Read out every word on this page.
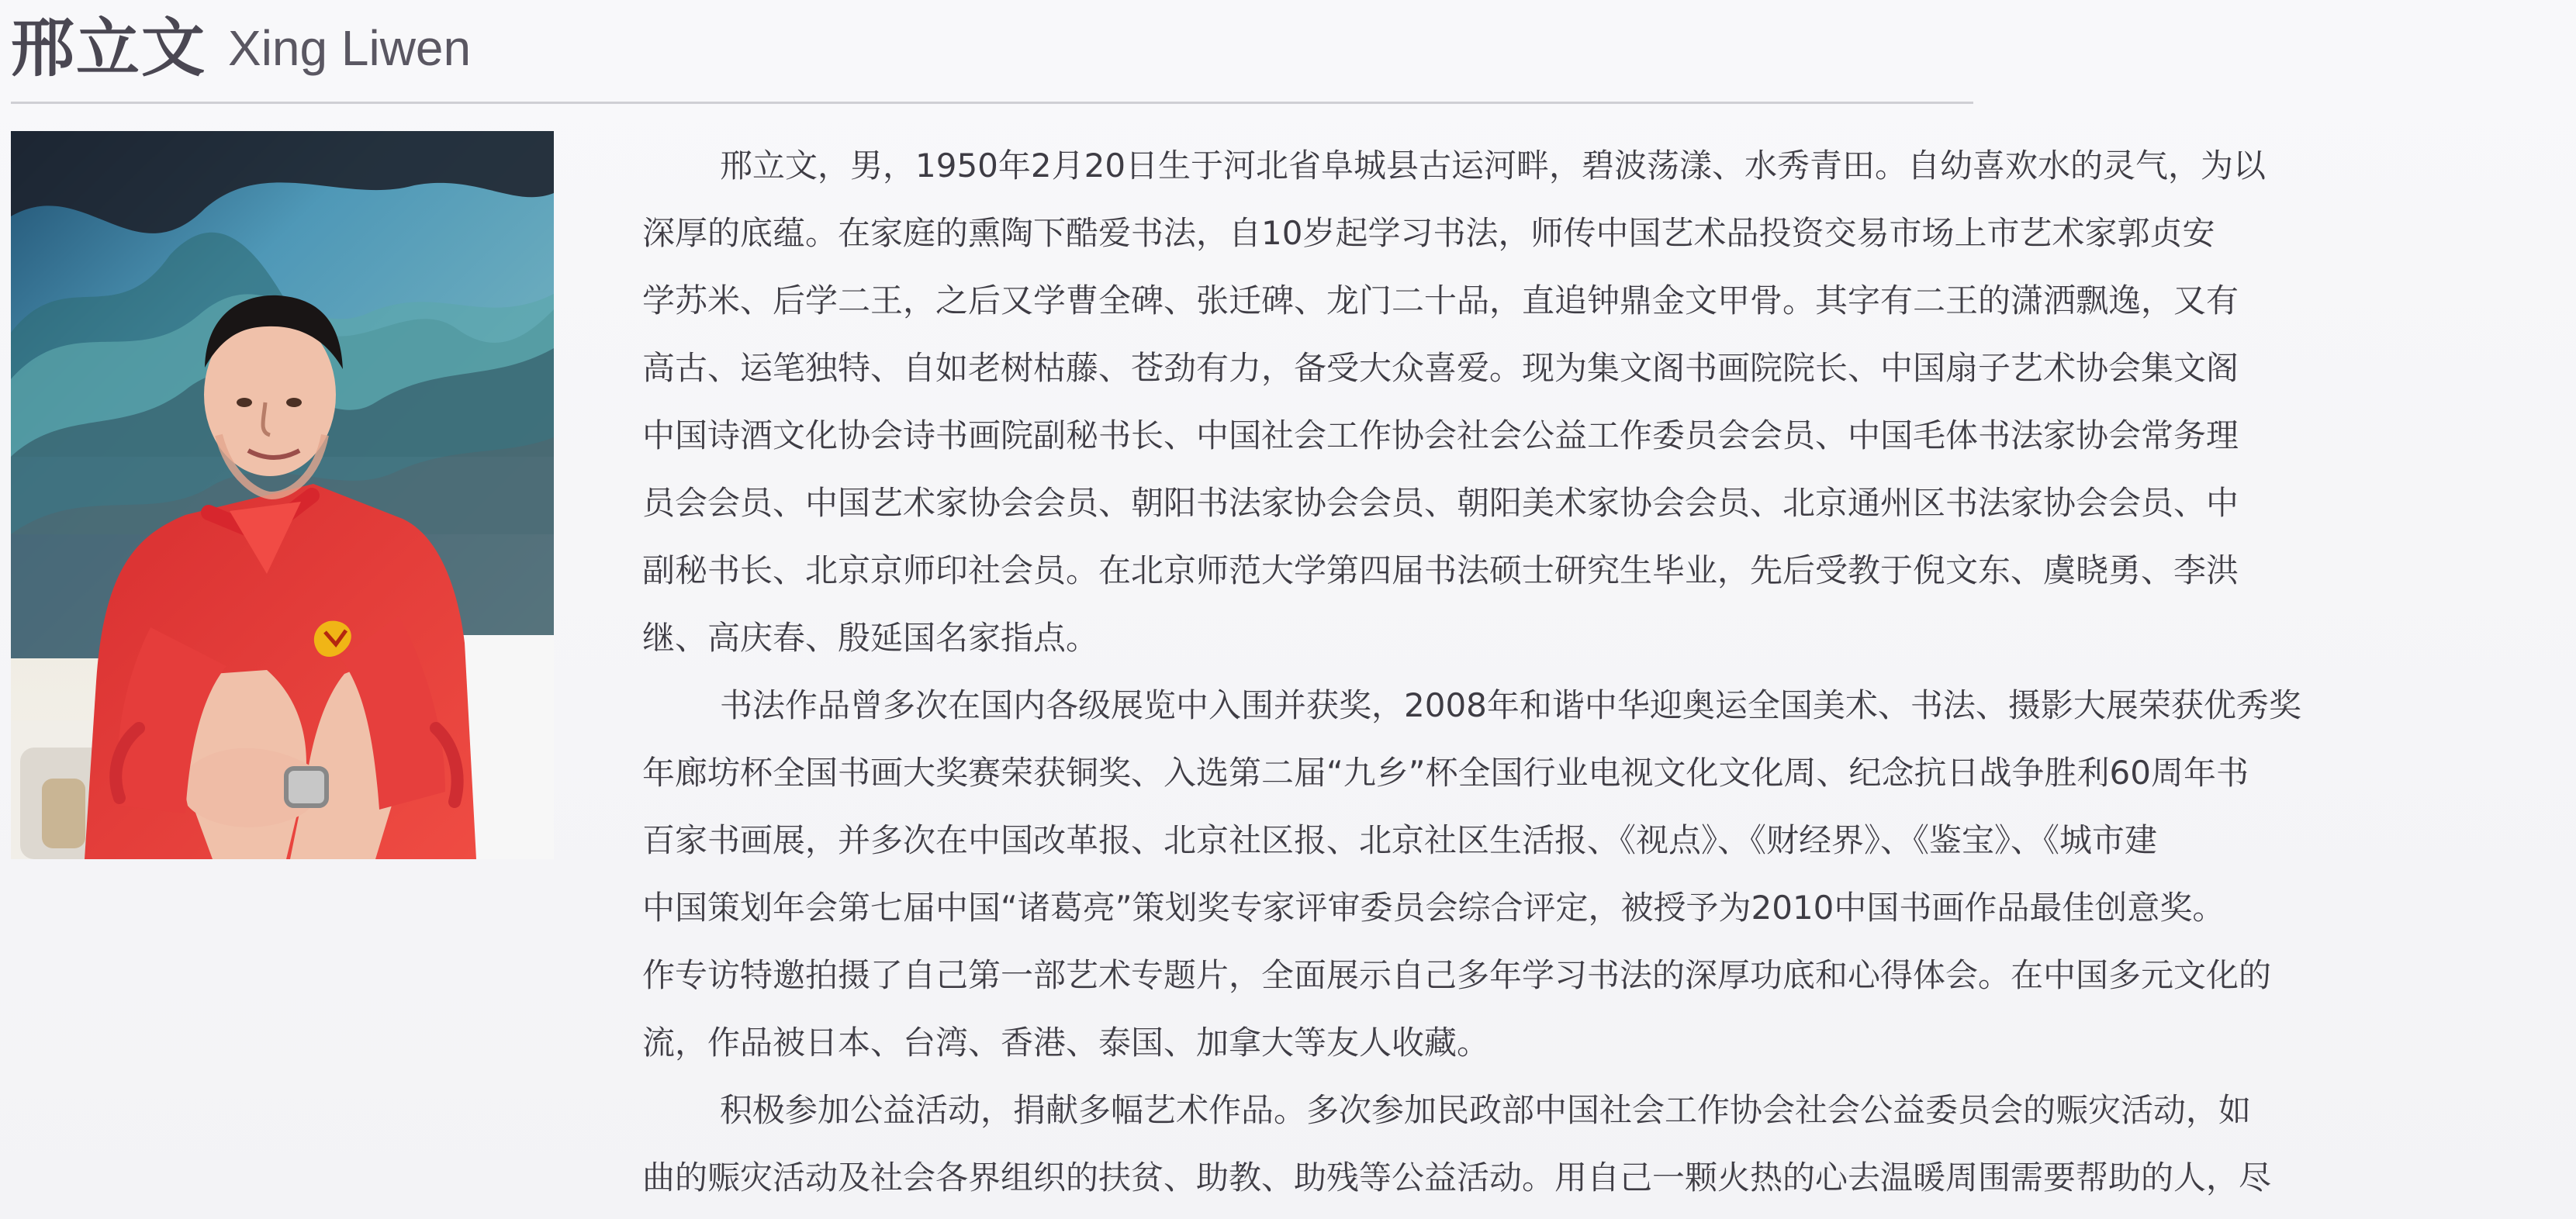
邢立文 Xing Liwen

邢立文，男，1950年2月20日生于河北省阜城县古运河畔，碧波荡漾、水秀青田。自幼喜欢水的灵气，为以
深厚的底蕴。在家庭的熏陶下酷爱书法，自10岁起学习书法，师传中国艺术品投资交易市场上市艺术家郭贞安
学苏米、后学二王，之后又学曹全碑、张迁碑、龙门二十品，直追钟鼎金文甲骨。其字有二王的潇洒飘逸，又有
高古、运笔独特、自如老树枯藤、苍劲有力，备受大众喜爱。现为集文阁书画院院长、中国扇子艺术协会集文阁
中国诗酒文化协会诗书画院副秘书长、中国社会工作协会社会公益工作委员会会员、中国毛体书法家协会常务理
员会会员、中国艺术家协会会员、朝阳书法家协会会员、朝阳美术家协会会员、北京通州区书法家协会会员、中
副秘书长、北京京师印社会员。在北京师范大学第四届书法硕士研究生毕业，先后受教于倪文东、虞晓勇、李洪
继、高庆春、殷延国名家指点。

书法作品曾多次在国内各级展览中入围并获奖，2008年和谐中华迎奥运全国美术、书法、摄影大展荣获优秀奖
年廊坊杯全国书画大奖赛荣获铜奖、入选第二届“九乡”杯全国行业电视文化文化周、纪念抗日战争胜利60周年书
百家书画展，并多次在中国改革报、北京社区报、北京社区生活报、《视点》、《财经界》、《鉴宝》、《城市建
中国策划年会第七届中国“诸葛亮”策划奖专家评审委员会综合评定，被授予为2010中国书画作品最佳创意奖。
作专访特邀拍摄了自己第一部艺术专题片，全面展示自己多年学习书法的深厚功底和心得体会。在中国多元文化的
流，作品被日本、台湾、香港、泰国、加拿大等友人收藏。

积极参加公益活动，捐献多幅艺术作品。多次参加民政部中国社会工作协会社会公益委员会的赈灾活动，如
曲的赈灾活动及社会各界组织的扶贫、助教、助残等公益活动。用自己一颗火热的心去温暖周围需要帮助的人，尽
